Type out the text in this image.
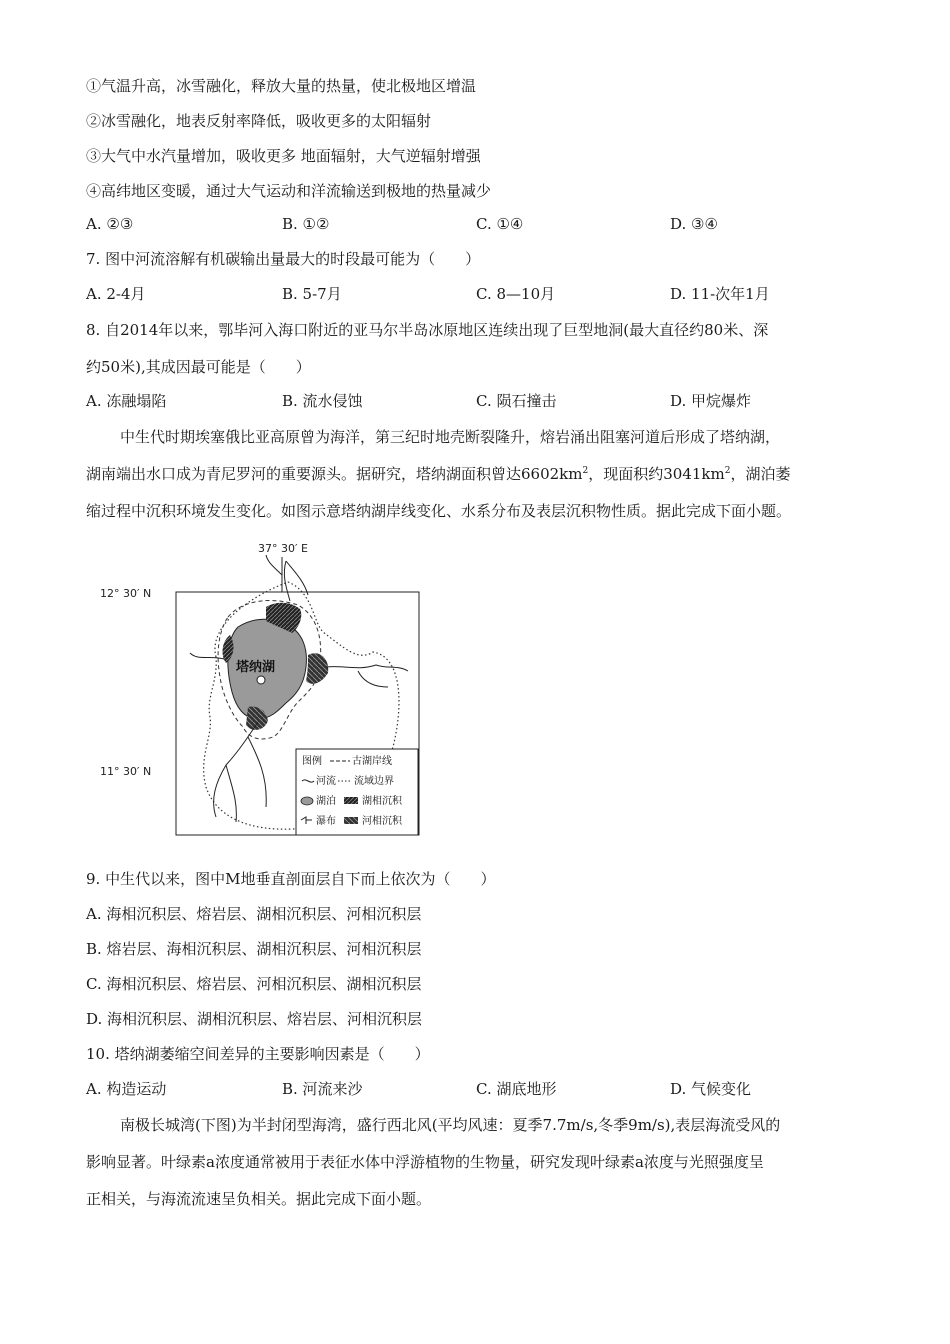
①气温升高，冰雪融化，释放大量的热量，使北极地区增温
②冰雪融化，地表反射率降低，吸收更多的太阳辐射
③大气中水汽量增加，吸收更多 地面辐射，大气逆辐射增强
④高纬地区变暖，通过大气运动和洋流输送到极地的热量减少
A. ②③	B. ①②	C. ①④	D. ③④
7. 图中河流溶解有机碳输出量最大的时段最可能为（　　）
A. 2-4月	B. 5-7月	C. 8—10月	D. 11-次年1月
8. 自2014年以来，鄂毕河入海口附近的亚马尔半岛冰原地区连续出现了巨型地洞(最大直径约80米、深
约50米),其成因最可能是（　　）
A. 冻融塌陷	B. 流水侵蚀	C. 陨石撞击	D. 甲烷爆炸
中生代时期埃塞俄比亚高原曾为海洋，第三纪时地壳断裂隆升，熔岩涌出阻塞河道后形成了塔纳湖，
湖南端出水口成为青尼罗河的重要源头。据研究，塔纳湖面积曾达$6602km^2$，现面积约$3041km^2$，湖泊萎
缩过程中沉积环境发生变化。如图示意塔纳湖岸线变化、水系分布及表层沉积物性质。据此完成下面小题。
37° 30′ E
12° 30′ N
11° 30′ N
塔纳湖
图例	古湖岸线
河流 流域边界
湖泊	湖相沉积
瀑布	河相沉积
9. 中生代以来，图中M地垂直剖面层自下而上依次为（　　）
A. 海相沉积层、熔岩层、湖相沉积层、河相沉积层
B. 熔岩层、海相沉积层、湖相沉积层、河相沉积层
C. 海相沉积层、熔岩层、河相沉积层、湖相沉积层
D. 海相沉积层、湖相沉积层、熔岩层、河相沉积层
10. 塔纳湖萎缩空间差异的主要影响因素是（　　）
A. 构造运动	B. 河流来沙	C. 湖底地形	D. 气候变化
南极长城湾(下图)为半封闭型海湾，盛行西北风(平均风速：夏季7.7m/s,冬季9m/s),表层海流受风的
影响显著。叶绿素a浓度通常被用于表征水体中浮游植物的生物量，研究发现叶绿素a浓度与光照强度呈
正相关，与海流流速呈负相关。据此完成下面小题。
